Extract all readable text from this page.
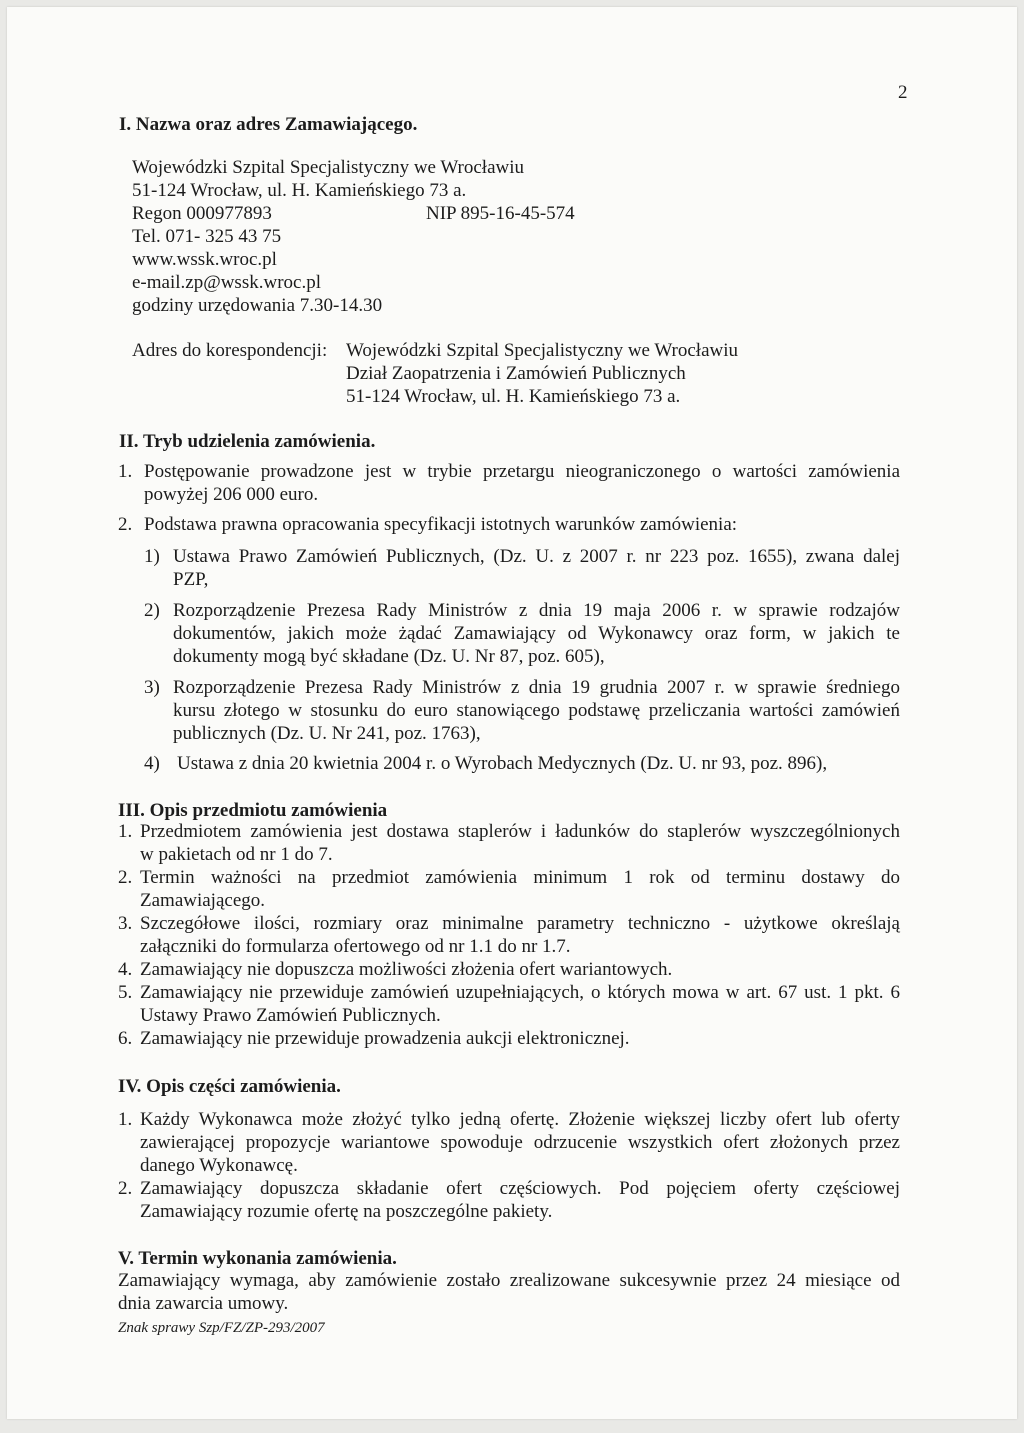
2
I. Nazwa oraz adres Zamawiającego.
Wojewódzki Szpital Specjalistyczny we Wrocławiu
51-124 Wrocław, ul. H. Kamieńskiego 73 a.
Regon 000977893	NIP 895-16-45-574
Tel. 071- 325 43 75
www.wssk.wroc.pl
e-mail.zp@wssk.wroc.pl
godziny urzędowania 7.30-14.30
Adres do korespondencji: Wojewódzki Szpital Specjalistyczny we Wrocławiu
Dział Zaopatrzenia i Zamówień Publicznych
51-124 Wrocław, ul. H. Kamieńskiego 73 a.
II. Tryb udzielenia zamówienia.
1. Postępowanie prowadzone jest w trybie przetargu nieograniczonego o wartości zamówienia
powyżej 206 000 euro.
2. Podstawa prawna opracowania specyfikacji istotnych warunków zamówienia:
1) Ustawa Prawo Zamówień Publicznych, (Dz. U. z 2007 r. nr 223 poz. 1655), zwana dalej
PZP,
2) Rozporządzenie Prezesa Rady Ministrów z dnia 19 maja 2006 r. w sprawie rodzajów
dokumentów, jakich może żądać Zamawiający od Wykonawcy oraz form, w jakich te
dokumenty mogą być składane (Dz. U. Nr 87, poz. 605),
3) Rozporządzenie Prezesa Rady Ministrów z dnia 19 grudnia 2007 r. w sprawie średniego
kursu złotego w stosunku do euro stanowiącego podstawę przeliczania wartości zamówień
publicznych (Dz. U. Nr 241, poz. 1763),
4) Ustawa z dnia 20 kwietnia 2004 r. o Wyrobach Medycznych (Dz. U. nr 93, poz. 896),
III. Opis przedmiotu zamówienia
1. Przedmiotem zamówienia jest dostawa staplerów i ładunków do staplerów wyszczególnionych
w pakietach od nr 1 do 7.
2. Termin ważności na przedmiot zamówienia minimum 1 rok od terminu dostawy do
Zamawiającego.
3. Szczegółowe ilości, rozmiary oraz minimalne parametry techniczno - użytkowe określają
załączniki do formularza ofertowego od nr 1.1 do nr 1.7.
4. Zamawiający nie dopuszcza możliwości złożenia ofert wariantowych.
5. Zamawiający nie przewiduje zamówień uzupełniających, o których mowa w art. 67 ust. 1 pkt. 6
Ustawy Prawo Zamówień Publicznych.
6. Zamawiający nie przewiduje prowadzenia aukcji elektronicznej.
IV. Opis części zamówienia.
1. Każdy Wykonawca może złożyć tylko jedną ofertę. Złożenie większej liczby ofert lub oferty
zawierającej propozycje wariantowe spowoduje odrzucenie wszystkich ofert złożonych przez
danego Wykonawcę.
2. Zamawiający dopuszcza składanie ofert częściowych. Pod pojęciem oferty częściowej
Zamawiający rozumie ofertę na poszczególne pakiety.
V. Termin wykonania zamówienia.
Zamawiający wymaga, aby zamówienie zostało zrealizowane sukcesywnie przez 24 miesiące od
dnia zawarcia umowy.
Znak sprawy Szp/FZ/ZP-293/2007
